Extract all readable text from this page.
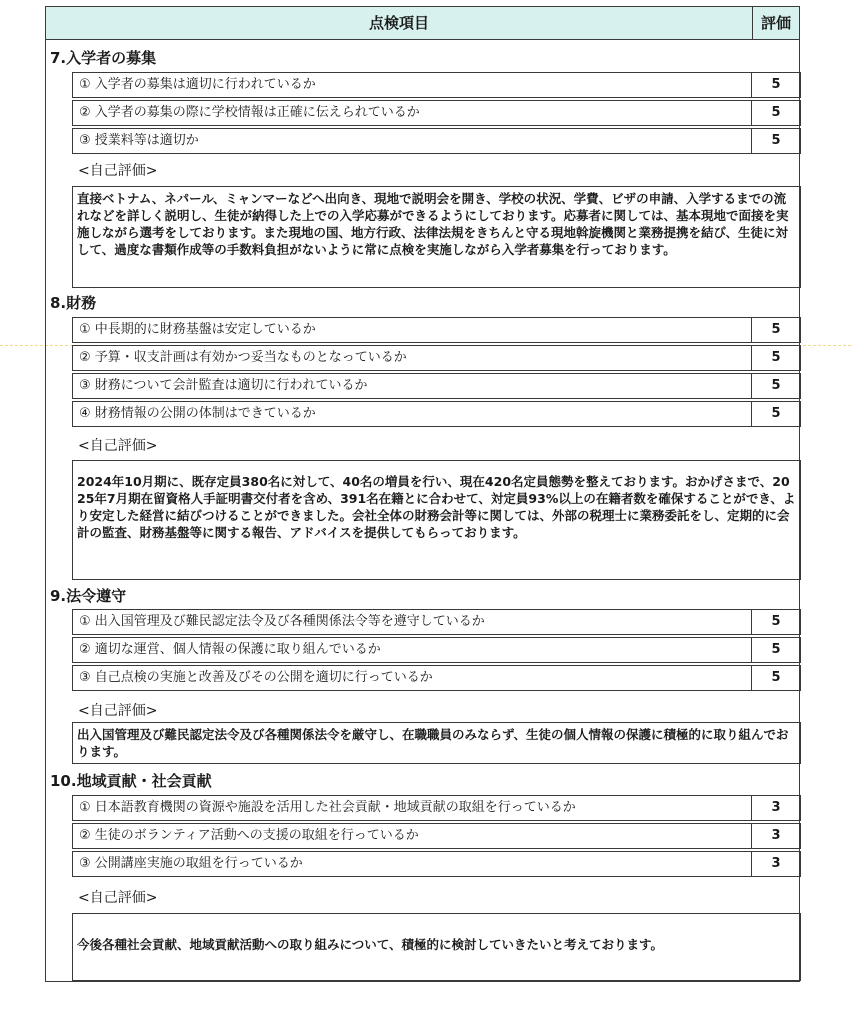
点検項目	評価
7.入学者の募集
① 入学者の募集は適切に行われているか	5
② 入学者の募集の際に学校情報は正確に伝えられているか	5
③ 授業料等は適切か	5
<自己評価>
直接ベトナム、ネパール、ミャンマーなどへ出向き、現地で説明会を開き、学校の状況、学費、ビザの申請、入学するまでの流れなどを詳しく説明し、生徒が納得した上での入学応募ができるようにしております。応募者に関しては、基本現地で面接を実施しながら選考をしております。また現地の国、地方行政、法律法規をきちんと守る現地斡旋機関と業務提携を結び、生徒に対して、過度な書類作成等の手数料負担がないように常に点検を実施しながら入学者募集を行っております。
8.財務
① 中長期的に財務基盤は安定しているか	5
② 予算・収支計画は有効かつ妥当なものとなっているか	5
③ 財務について会計監査は適切に行われているか	5
④ 財務情報の公開の体制はできているか	5
<自己評価>
2024年10月期に、既存定員380名に対して、40名の増員を行い、現在420名定員態勢を整えております。おかげさまで、2025年7月期在留資格人手証明書交付者を含め、391名在籍とに合わせて、対定員93%以上の在籍者数を確保することができ、より安定した経営に結びつけることができました。会社全体の財務会計等に関しては、外部の税理士に業務委託をし、定期的に会計の監査、財務基盤等に関する報告、アドバイスを提供してもらっております。
9.法令遵守
① 出入国管理及び難民認定法令及び各種関係法令等を遵守しているか	5
② 適切な運営、個人情報の保護に取り組んでいるか	5
③ 自己点検の実施と改善及びその公開を適切に行っているか	5
<自己評価>
出入国管理及び難民認定法令及び各種関係法令を厳守し、在職職員のみならず、生徒の個人情報の保護に積極的に取り組んでおります。
10.地域貢献・社会貢献
① 日本語教育機関の資源や施設を活用した社会貢献・地域貢献の取組を行っているか	3
② 生徒のボランティア活動への支援の取組を行っているか	3
③ 公開講座実施の取組を行っているか	3
<自己評価>
今後各種社会貢献、地域貢献活動への取り組みについて、積極的に検討していきたいと考えております。
